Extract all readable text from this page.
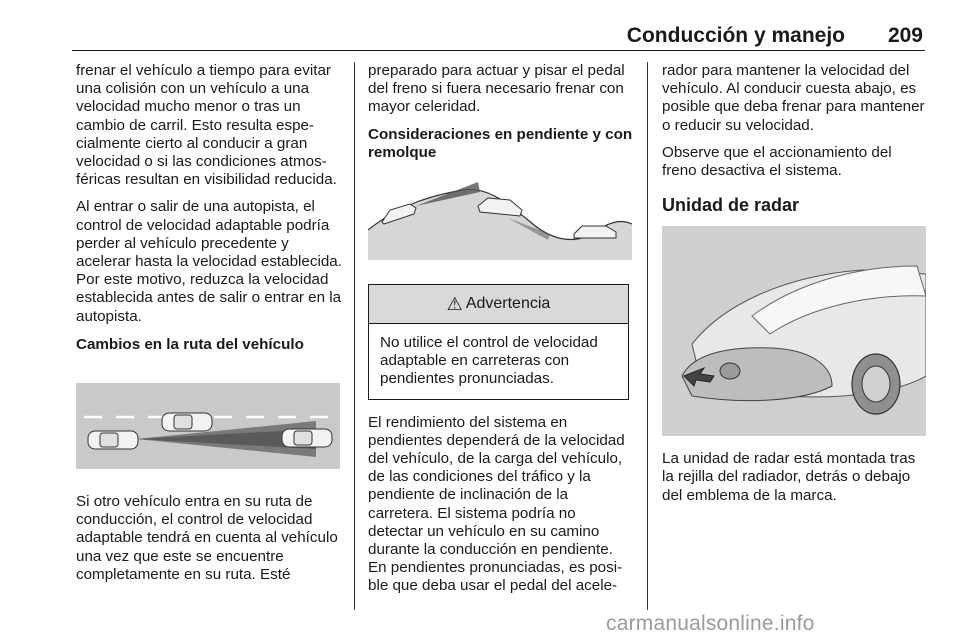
Conducción y manejo 209

frenar el vehículo a tiempo para evitar una colisión con un vehículo a una velocidad mucho menor o tras un cambio de carril. Esto resulta especialmente cierto al conducir a gran velocidad o si las condiciones atmosféricas resultan en visibilidad reducida.

Al entrar o salir de una autopista, el control de velocidad adaptable podría perder al vehículo precedente y acelerar hasta la velocidad establecida. Por este motivo, reduzca la velocidad establecida antes de salir o entrar en la autopista.

Cambios en la ruta del vehículo

Si otro vehículo entra en su ruta de conducción, el control de velocidad adaptable tendrá en cuenta al vehículo una vez que este se encuentre completamente en su ruta. Esté

preparado para actuar y pisar el pedal del freno si fuera necesario frenar con mayor celeridad.

Consideraciones en pendiente y con remolque
⚠ Advertencia
No utilice el control de velocidad adaptable en carreteras con pendientes pronunciadas.

El rendimiento del sistema en pendientes dependerá de la velocidad del vehículo, de la carga del vehículo, de las condiciones del tráfico y la pendiente de inclinación de la carretera. El sistema podría no detectar un vehículo en su camino durante la conducción en pendiente. En pendientes pronunciadas, es posible que deba usar el pedal del acele-

rador para mantener la velocidad del vehículo. Al conducir cuesta abajo, es posible que deba frenar para mantener o reducir su velocidad.

Observe que el accionamiento del freno desactiva el sistema.

Unidad de radar

La unidad de radar está montada tras la rejilla del radiador, detrás o debajo del emblema de la marca.

carmanualsonline.info
